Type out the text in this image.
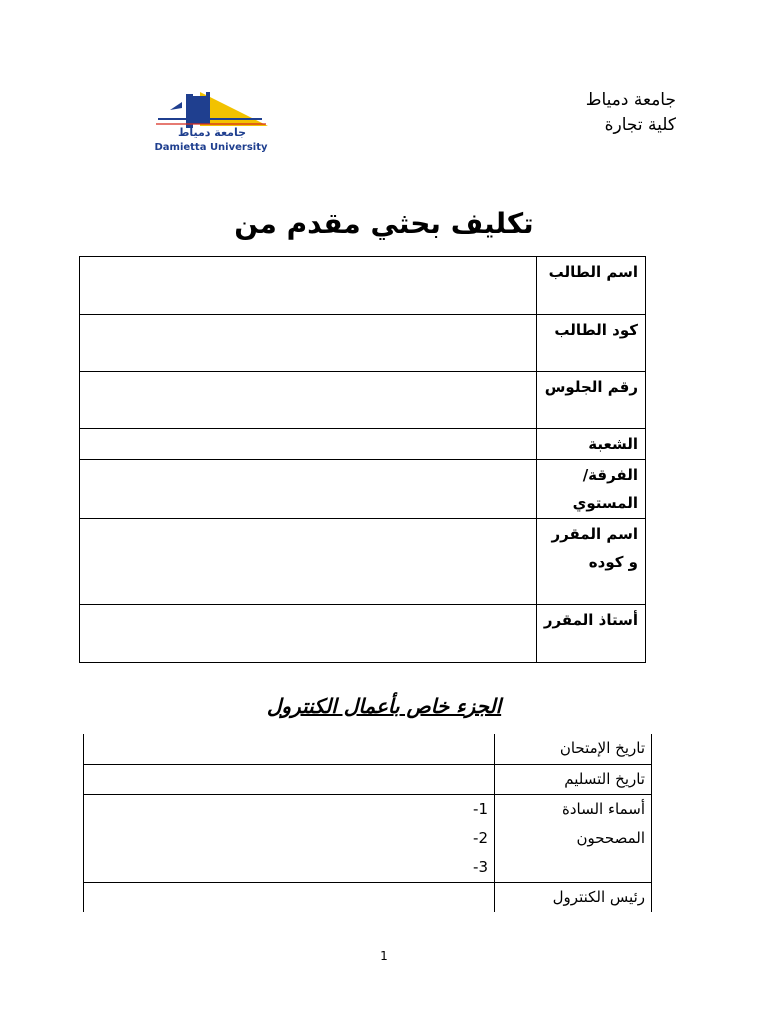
جامعة دمياط
كلية تجارة
جامعة دمياط
Damietta University
تكليف بحثي مقدم من
اسم الطالب	
كود الطالب	
رقم الجلوس	
الشعبة	
الفرقة/ المستوي	
اسم المقرر و كوده	
أستاذ المقرر	
الجزء خاص بأعمال الكنترول
تاريخ الإمتحان	
تاريخ التسليم	
أسماء السادة المصححون	1-
2-
3-

رئيس الكنترول	
1
